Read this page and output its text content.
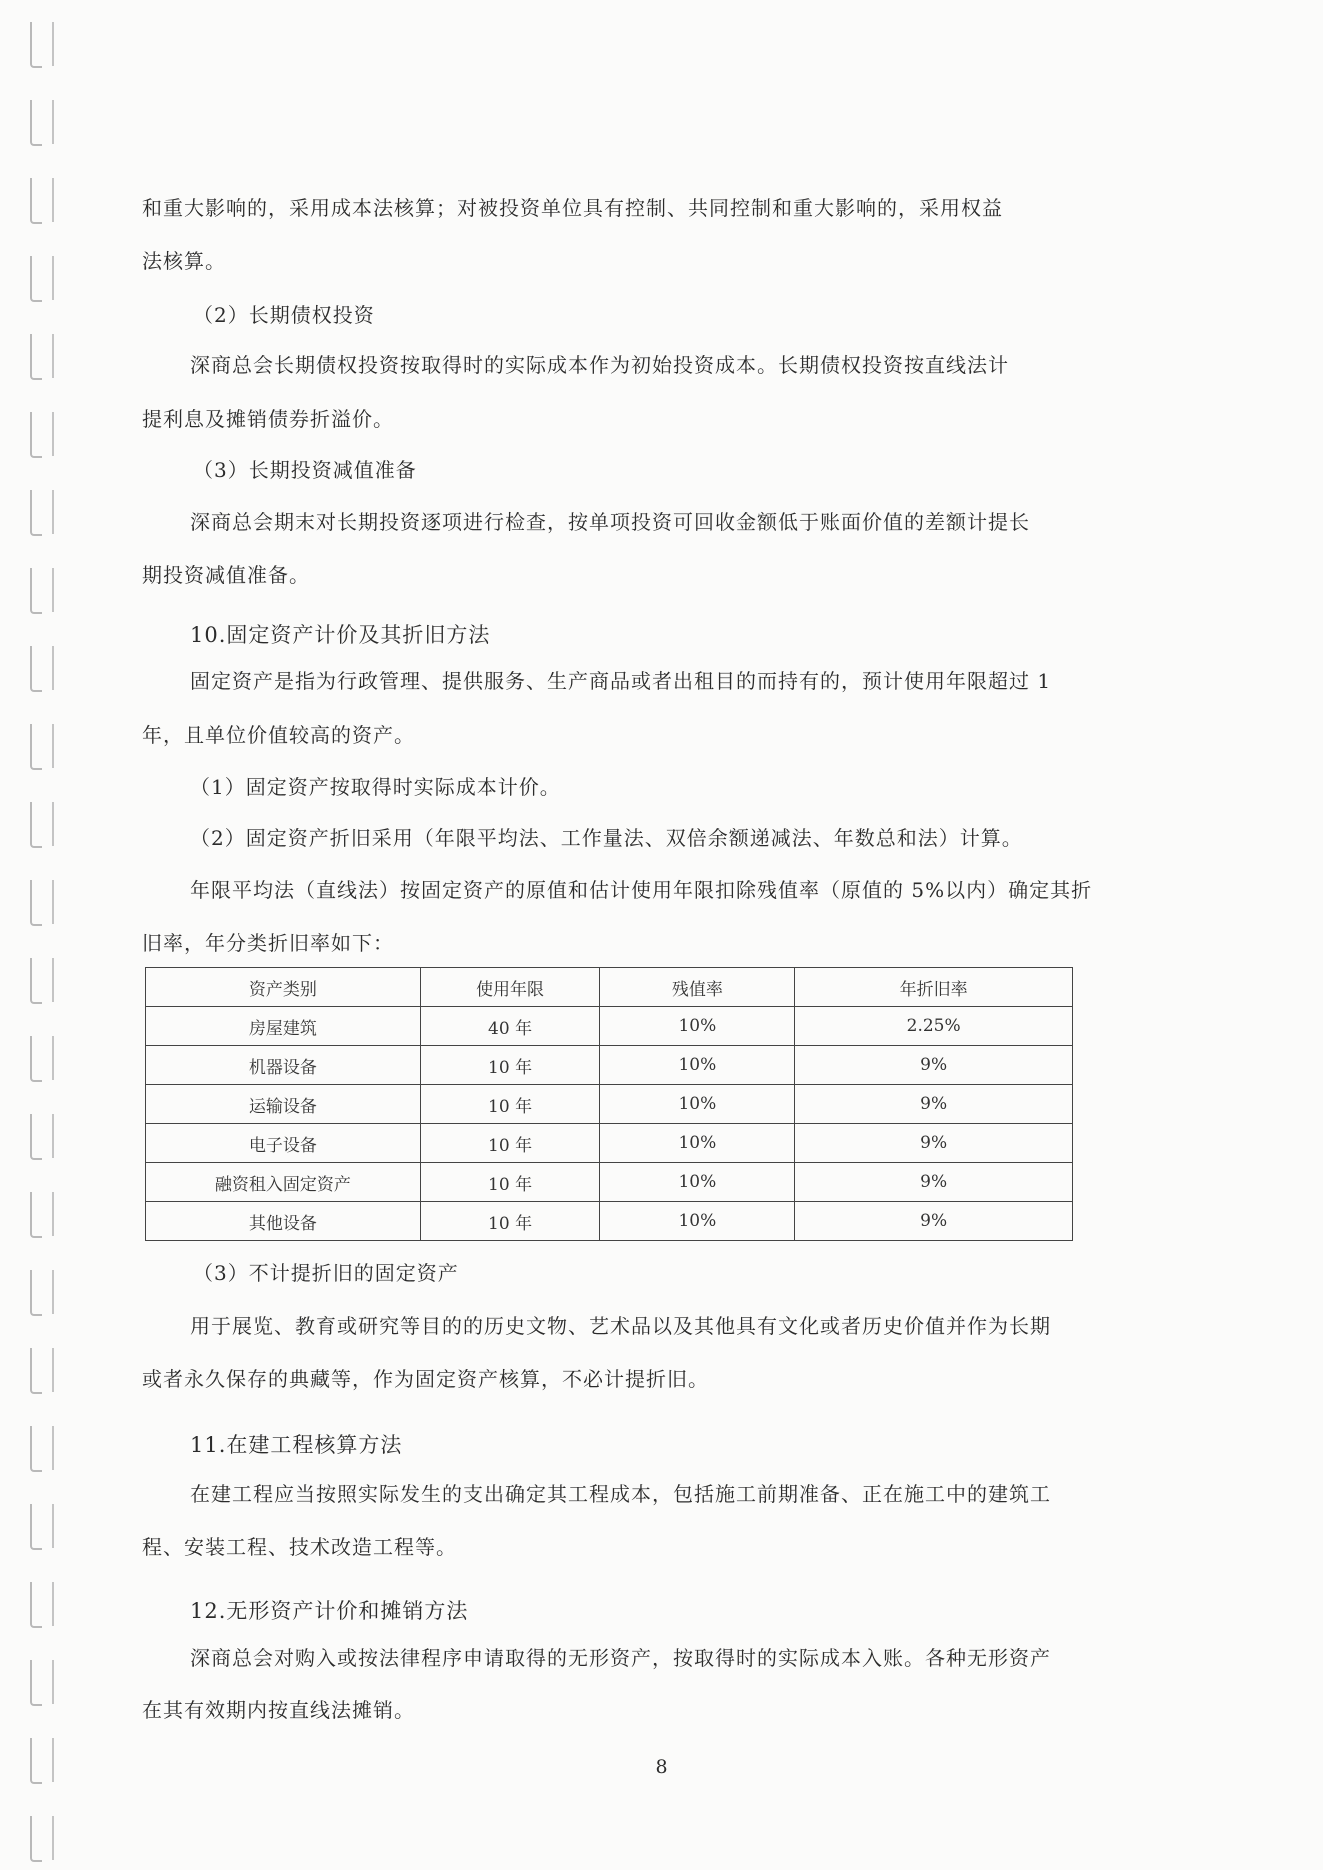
和重大影响的，采用成本法核算；对被投资单位具有控制、共同控制和重大影响的，采用权益
法核算。
（2）长期债权投资
深商总会长期债权投资按取得时的实际成本作为初始投资成本。长期债权投资按直线法计
提利息及摊销债券折溢价。
（3）长期投资减值准备
深商总会期末对长期投资逐项进行检查，按单项投资可回收金额低于账面价值的差额计提长
期投资减值准备。
10.固定资产计价及其折旧方法
固定资产是指为行政管理、提供服务、生产商品或者出租目的而持有的，预计使用年限超过 1
年，且单位价值较高的资产。
（1）固定资产按取得时实际成本计价。
（2）固定资产折旧采用（年限平均法、工作量法、双倍余额递减法、年数总和法）计算。
年限平均法（直线法）按固定资产的原值和估计使用年限扣除残值率（原值的 5%以内）确定其折
旧率，年分类折旧率如下：
资产类别	使用年限	残值率	年折旧率
房屋建筑	40 年	10%	2.25%
机器设备	10 年	10%	9%
运输设备	10 年	10%	9%
电子设备	10 年	10%	9%
融资租入固定资产	10 年	10%	9%
其他设备	10 年	10%	9%
（3）不计提折旧的固定资产
用于展览、教育或研究等目的的历史文物、艺术品以及其他具有文化或者历史价值并作为长期
或者永久保存的典藏等，作为固定资产核算，不必计提折旧。
11.在建工程核算方法
在建工程应当按照实际发生的支出确定其工程成本，包括施工前期准备、正在施工中的建筑工
程、安装工程、技术改造工程等。
12.无形资产计价和摊销方法
深商总会对购入或按法律程序申请取得的无形资产，按取得时的实际成本入账。各种无形资产
在其有效期内按直线法摊销。
8
